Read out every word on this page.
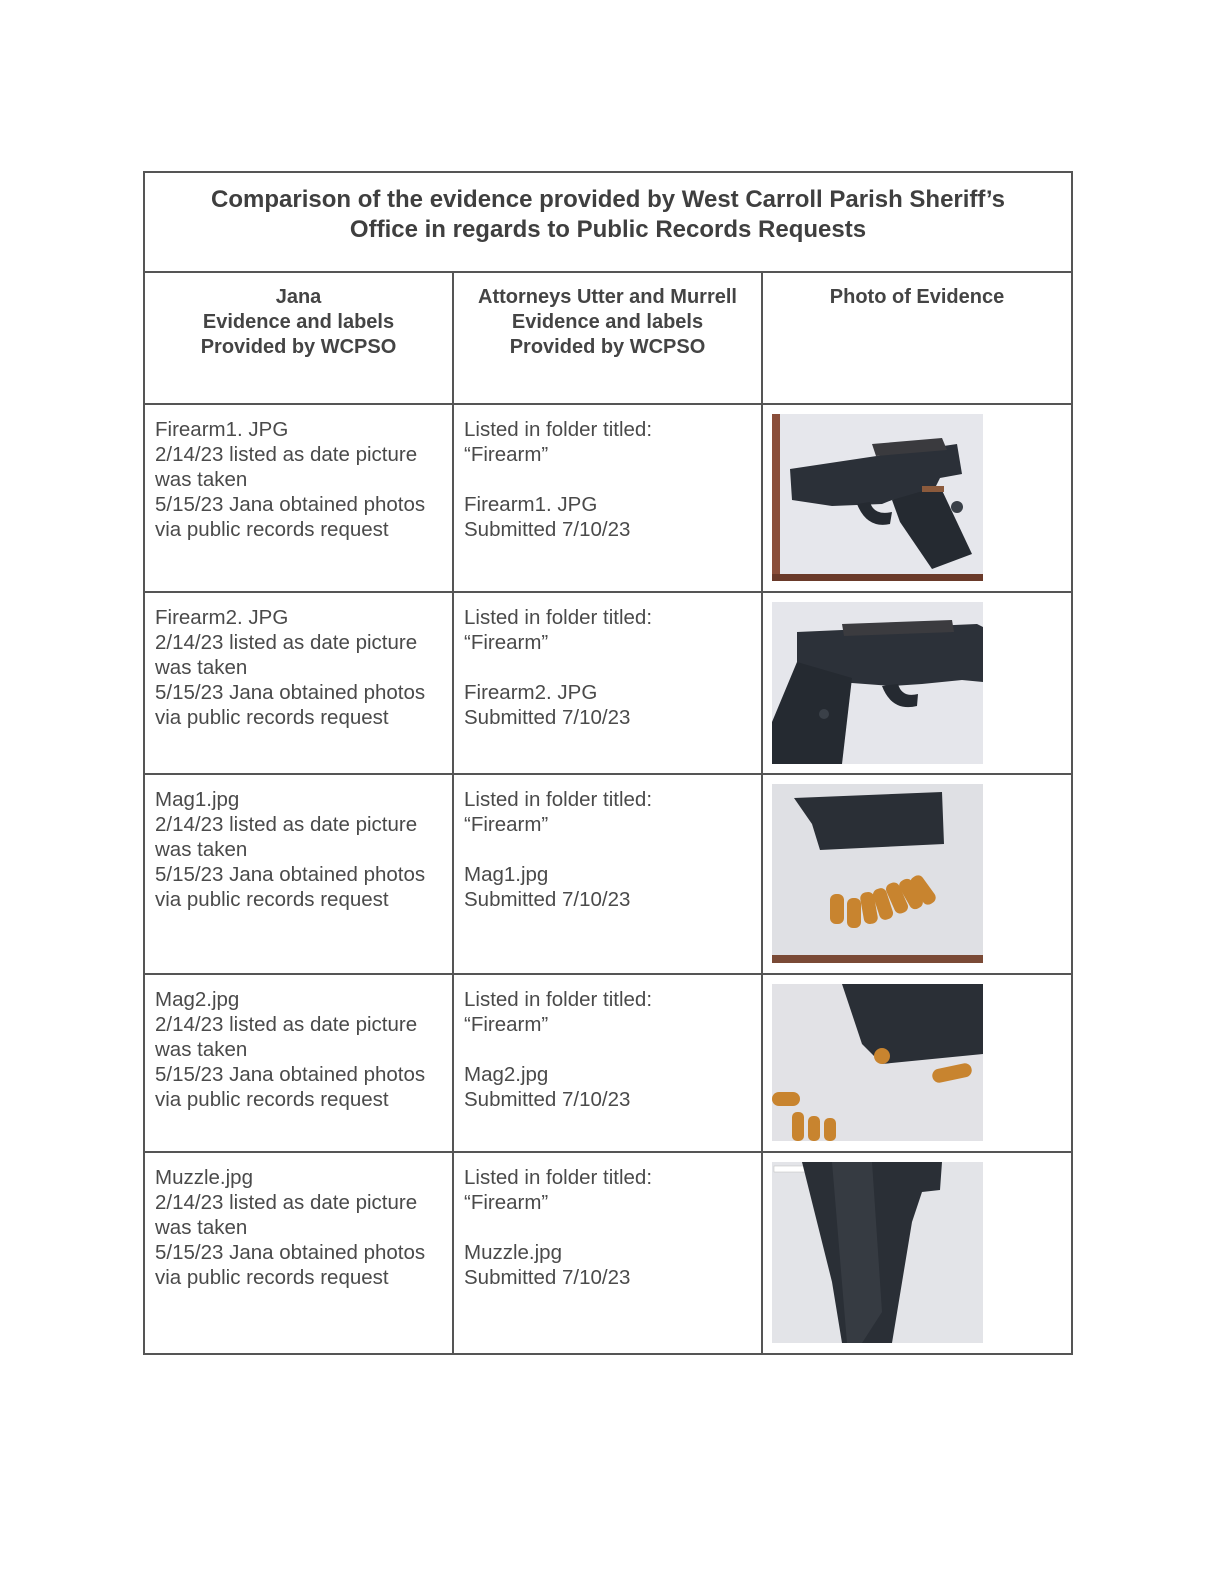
Comparison of the evidence provided by West Carroll Parish Sheriff’s
Office in regards to Public Records Requests		

Jana
Evidence and labels
Provided by WCPSO	Attorneys Utter and Murrell
Evidence and labels
Provided by WCPSO	Photo of Evidence

Firearm1. JPG
2/14/23 listed as date picture
was taken
5/15/23 Jana obtained photos
via public records request	Listed in folder titled:
“Firearm”
Firearm1. JPG
Submitted 7/10/23

Firearm2. JPG
2/14/23 listed as date picture
was taken
5/15/23 Jana obtained photos
via public records request	Listed in folder titled:
“Firearm”
Firearm2. JPG
Submitted 7/10/23

Mag1.jpg
2/14/23 listed as date picture
was taken
5/15/23 Jana obtained photos
via public records request	Listed in folder titled:
“Firearm”
Mag1.jpg
Submitted 7/10/23

Mag2.jpg
2/14/23 listed as date picture
was taken
5/15/23 Jana obtained photos
via public records request	Listed in folder titled:
“Firearm”
Mag2.jpg
Submitted 7/10/23

Muzzle.jpg
2/14/23 listed as date picture
was taken
5/15/23 Jana obtained photos
via public records request	Listed in folder titled:
“Firearm”
Muzzle.jpg
Submitted 7/10/23
